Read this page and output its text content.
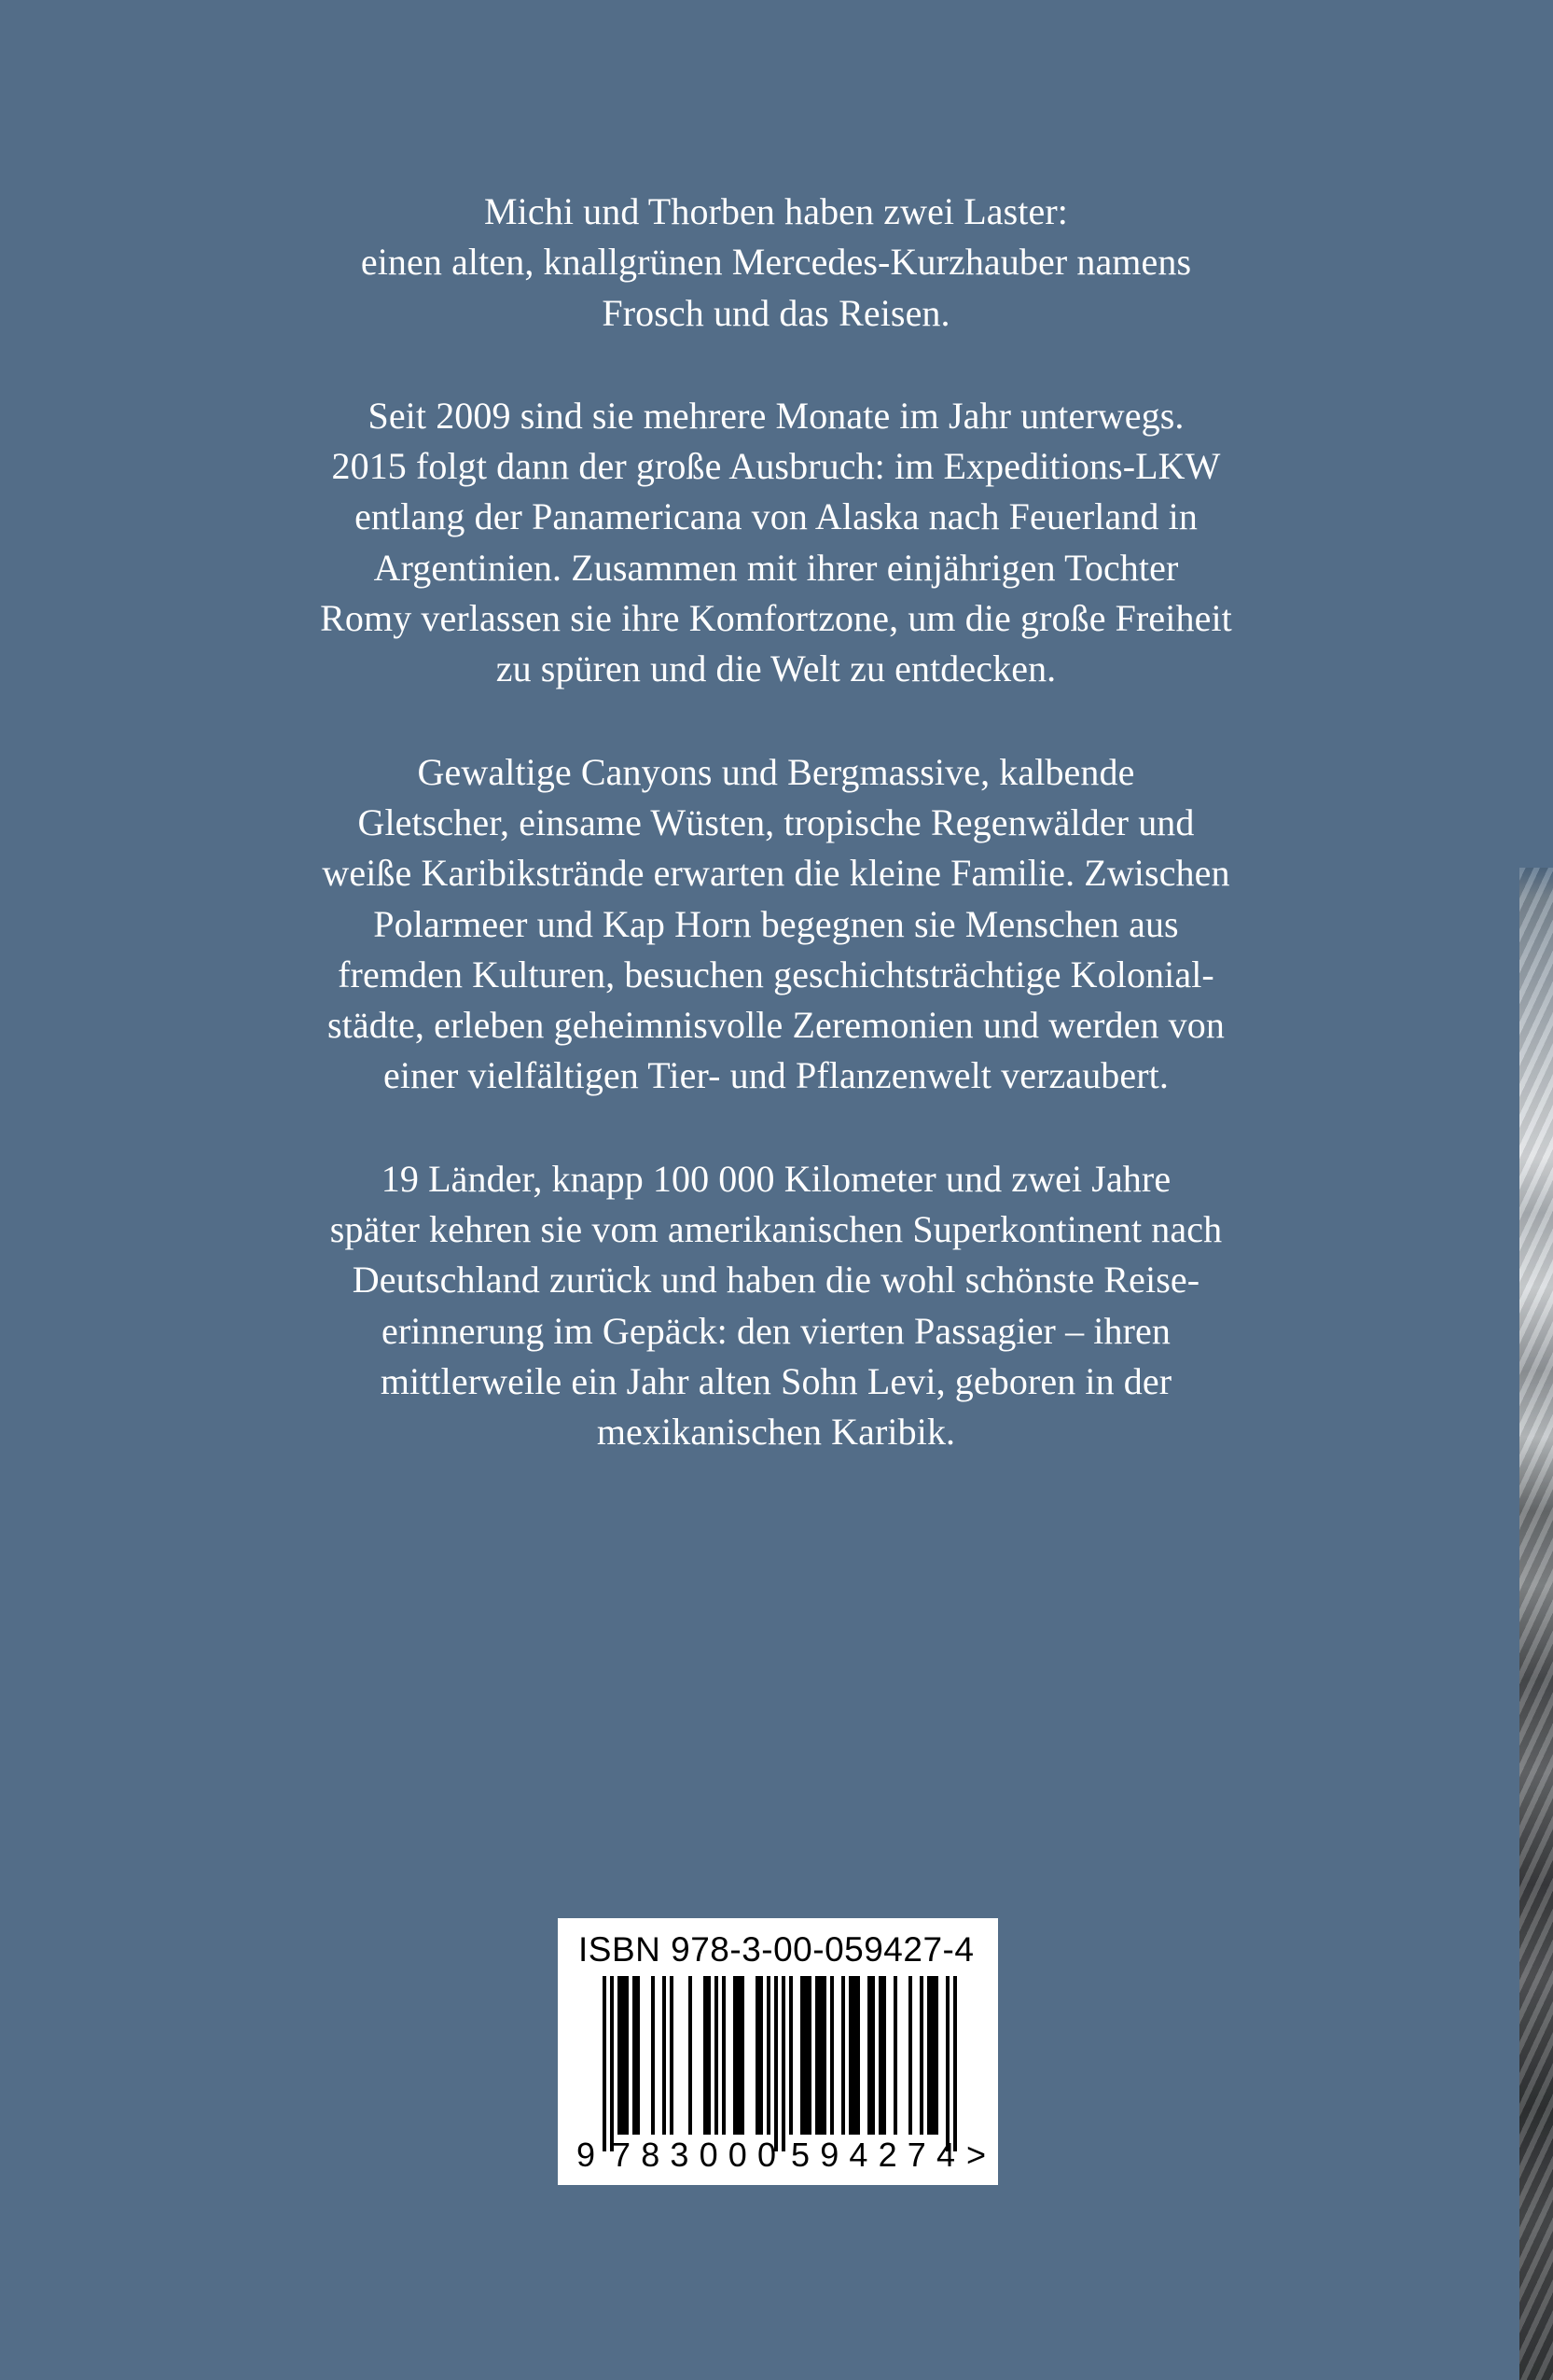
Michi und Thorben haben zwei Laster:
einen alten, knallgrünen Mercedes-Kurzhauber namens
Frosch und das Reisen.

Seit 2009 sind sie mehrere Monate im Jahr unterwegs.
2015 folgt dann der große Ausbruch: im Expeditions-LKW
entlang der Panamericana von Alaska nach Feuerland in
Argentinien. Zusammen mit ihrer einjährigen Tochter
Romy verlassen sie ihre Komfortzone, um die große Freiheit
zu spüren und die Welt zu entdecken.

Gewaltige Canyons und Bergmassive, kalbende
Gletscher, einsame Wüsten, tropische Regenwälder und
weiße Karibikstrände erwarten die kleine Familie. Zwischen
Polarmeer und Kap Horn begegnen sie Menschen aus
fremden Kulturen, besuchen geschichtsträchtige Kolonial-
städte, erleben geheimnisvolle Zeremonien und werden von
einer vielfältigen Tier- und Pflanzenwelt verzaubert.

19 Länder, knapp 100 000 Kilometer und zwei Jahre
später kehren sie vom amerikanischen Superkontinent nach
Deutschland zurück und haben die wohl schönste Reise-
erinnerung im Gepäck: den vierten Passagier – ihren
mittlerweile ein Jahr alten Sohn Levi, geboren in der
mexikanischen Karibik.

ISBN 978-3-00-059427-4
9 783000 594274 >
